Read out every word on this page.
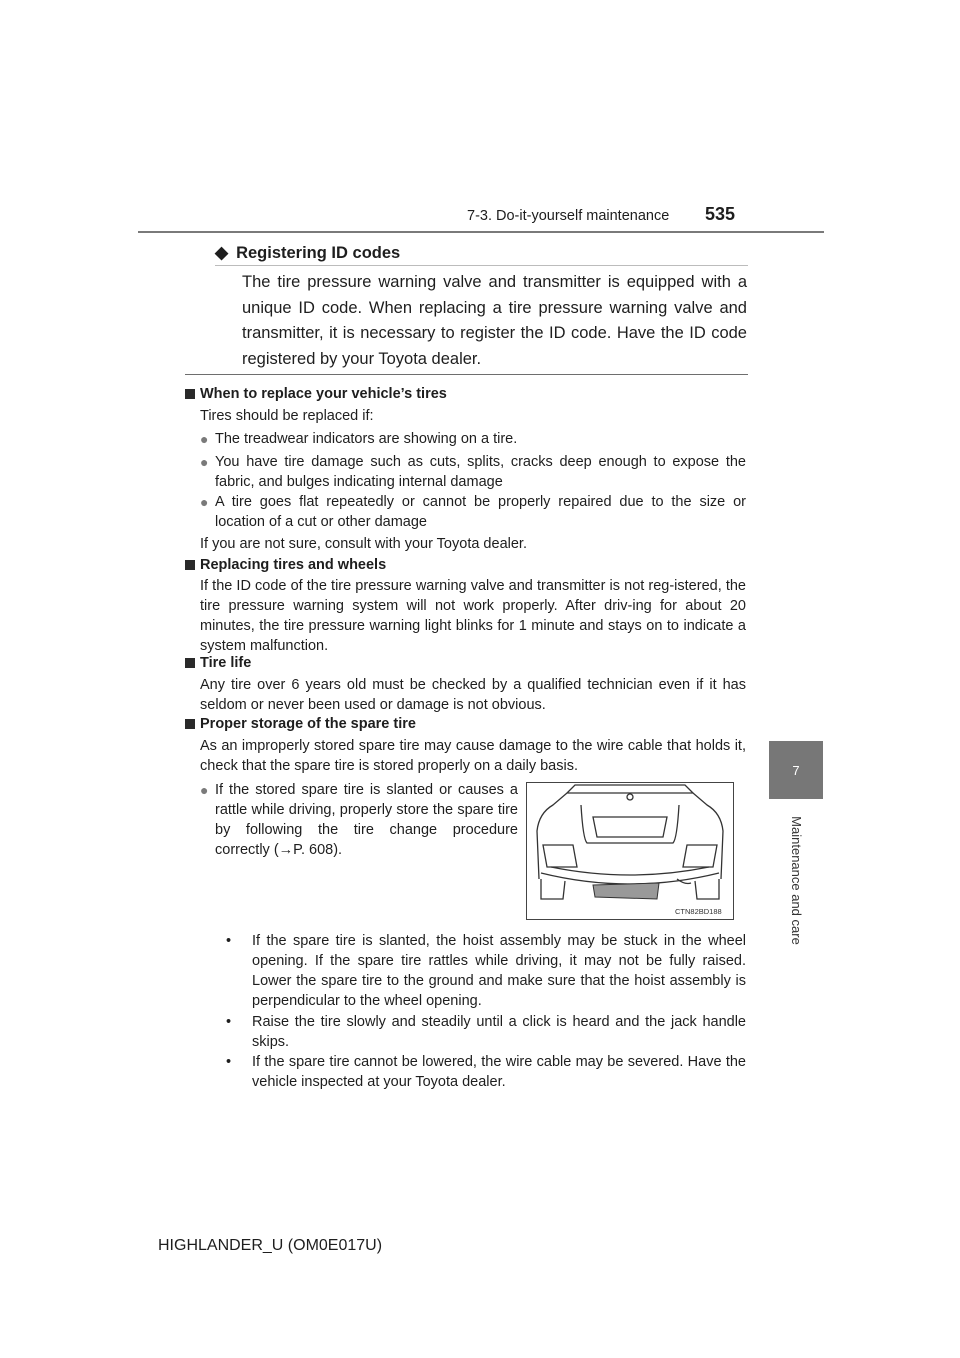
7-3. Do-it-yourself maintenance 535
7
Maintenance and care
◆ Registering ID codes
The tire pressure warning valve and transmitter is equipped with a unique ID code. When replacing a tire pressure warning valve and transmitter, it is necessary to register the ID code. Have the ID code registered by your Toyota dealer.
When to replace your vehicle’s tires
Tires should be replaced if:
● The treadwear indicators are showing on a tire.
● You have tire damage such as cuts, splits, cracks deep enough to expose the fabric, and bulges indicating internal damage
● A tire goes flat repeatedly or cannot be properly repaired due to the size or location of a cut or other damage
If you are not sure, consult with your Toyota dealer.
Replacing tires and wheels
If the ID code of the tire pressure warning valve and transmitter is not reg-istered, the tire pressure warning system will not work properly. After driv-ing for about 20 minutes, the tire pressure warning light blinks for 1 minute and stays on to indicate a system malfunction.
Tire life
Any tire over 6 years old must be checked by a qualified technician even if it has seldom or never been used or damage is not obvious.
Proper storage of the spare tire
As an improperly stored spare tire may cause damage to the wire cable that holds it, check that the spare tire is stored properly on a daily basis.
● If the stored spare tire is slanted or causes a rattle while driving, properly store the spare tire by following the tire change procedure correctly (→P. 608).
CTN82BD188
• If the spare tire is slanted, the hoist assembly may be stuck in the wheel opening. If the spare tire rattles while driving, it may not be fully raised. Lower the spare tire to the ground and make sure that the hoist assembly is perpendicular to the wheel opening.
• Raise the tire slowly and steadily until a click is heard and the jack handle skips.
• If the spare tire cannot be lowered, the wire cable may be severed. Have the vehicle inspected at your Toyota dealer.
HIGHLANDER_U (OM0E017U)
